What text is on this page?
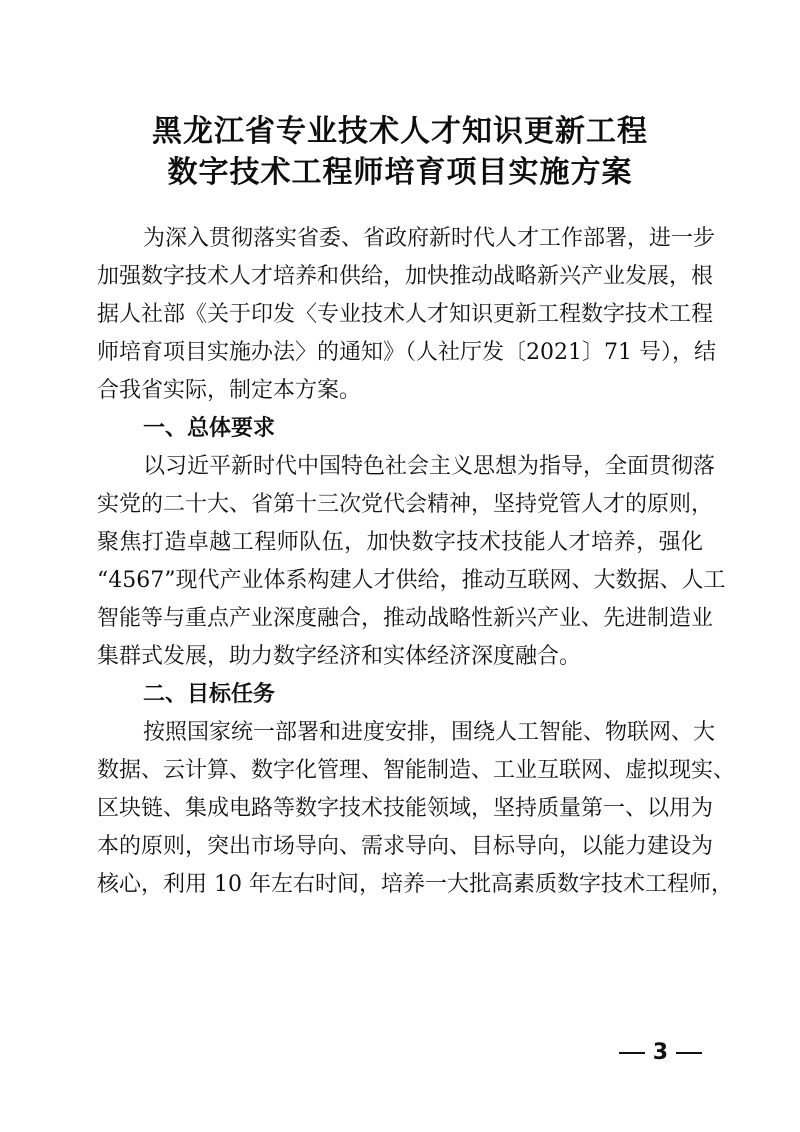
黑龙江省专业技术人才知识更新工程
数字技术工程师培育项目实施方案
为深入贯彻落实省委、省政府新时代人才工作部署，进一步
加强数字技术人才培养和供给，加快推动战略新兴产业发展，根
据人社部《关于印发〈专业技术人才知识更新工程数字技术工程
师培育项目实施办法〉的通知》（人社厅发〔2021〕71 号），结
合我省实际，制定本方案。
一、总体要求
以习近平新时代中国特色社会主义思想为指导，全面贯彻落
实党的二十大、省第十三次党代会精神，坚持党管人才的原则，
聚焦打造卓越工程师队伍，加快数字技术技能人才培养，强化
“4567”现代产业体系构建人才供给，推动互联网、大数据、人工
智能等与重点产业深度融合，推动战略性新兴产业、先进制造业
集群式发展，助力数字经济和实体经济深度融合。
二、目标任务
按照国家统一部署和进度安排，围绕人工智能、物联网、大
数据、云计算、数字化管理、智能制造、工业互联网、虚拟现实、
区块链、集成电路等数字技术技能领域，坚持质量第一、以用为
本的原则，突出市场导向、需求导向、目标导向，以能力建设为
核心，利用 10 年左右时间，培养一大批高素质数字技术工程师，
3
